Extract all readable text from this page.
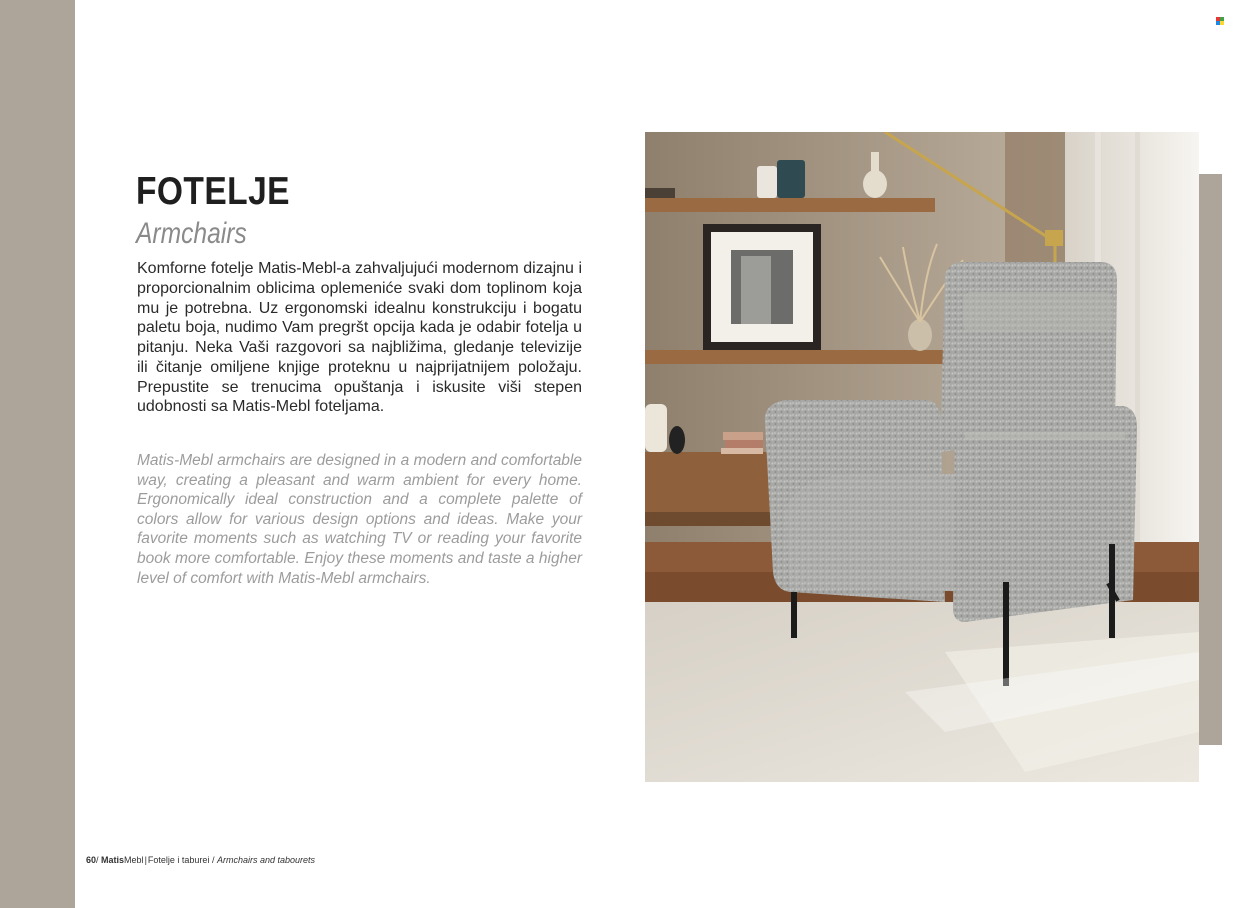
FOTELJE
Armchairs

Komforne fotelje Matis-Mebl-a zahvaljujući modernom dizajnu i proporcionalnim oblicima oplemeniće svaki dom toplinom koja mu je potrebna. Uz ergonomski idealnu konstrukciju i bogatu paletu boja, nudimo Vam pregršt opcija kada je odabir fotelja u pitanju. Neka Vaši razgovori sa najbližima, gledanje televizije ili čitanje omiljene knjige proteknu u najprijatnijem položaju. Prepustite se trenucima opuštanja i iskusite viši stepen udobnosti sa Matis-Mebl foteljama.

Matis-Mebl armchairs are designed in a modern and comfortable way, creating a pleasant and warm ambient for every home. Ergonomically ideal construction and a complete palette of colors allow for various design options and ideas. Make your favorite moments such as watching TV or reading your favorite book more comfortable. Enjoy these moments and taste a higher level of comfort with Matis-Mebl armchairs.

60/ MatisMebl|Fotelje i taburei / Armchairs and tabourets
